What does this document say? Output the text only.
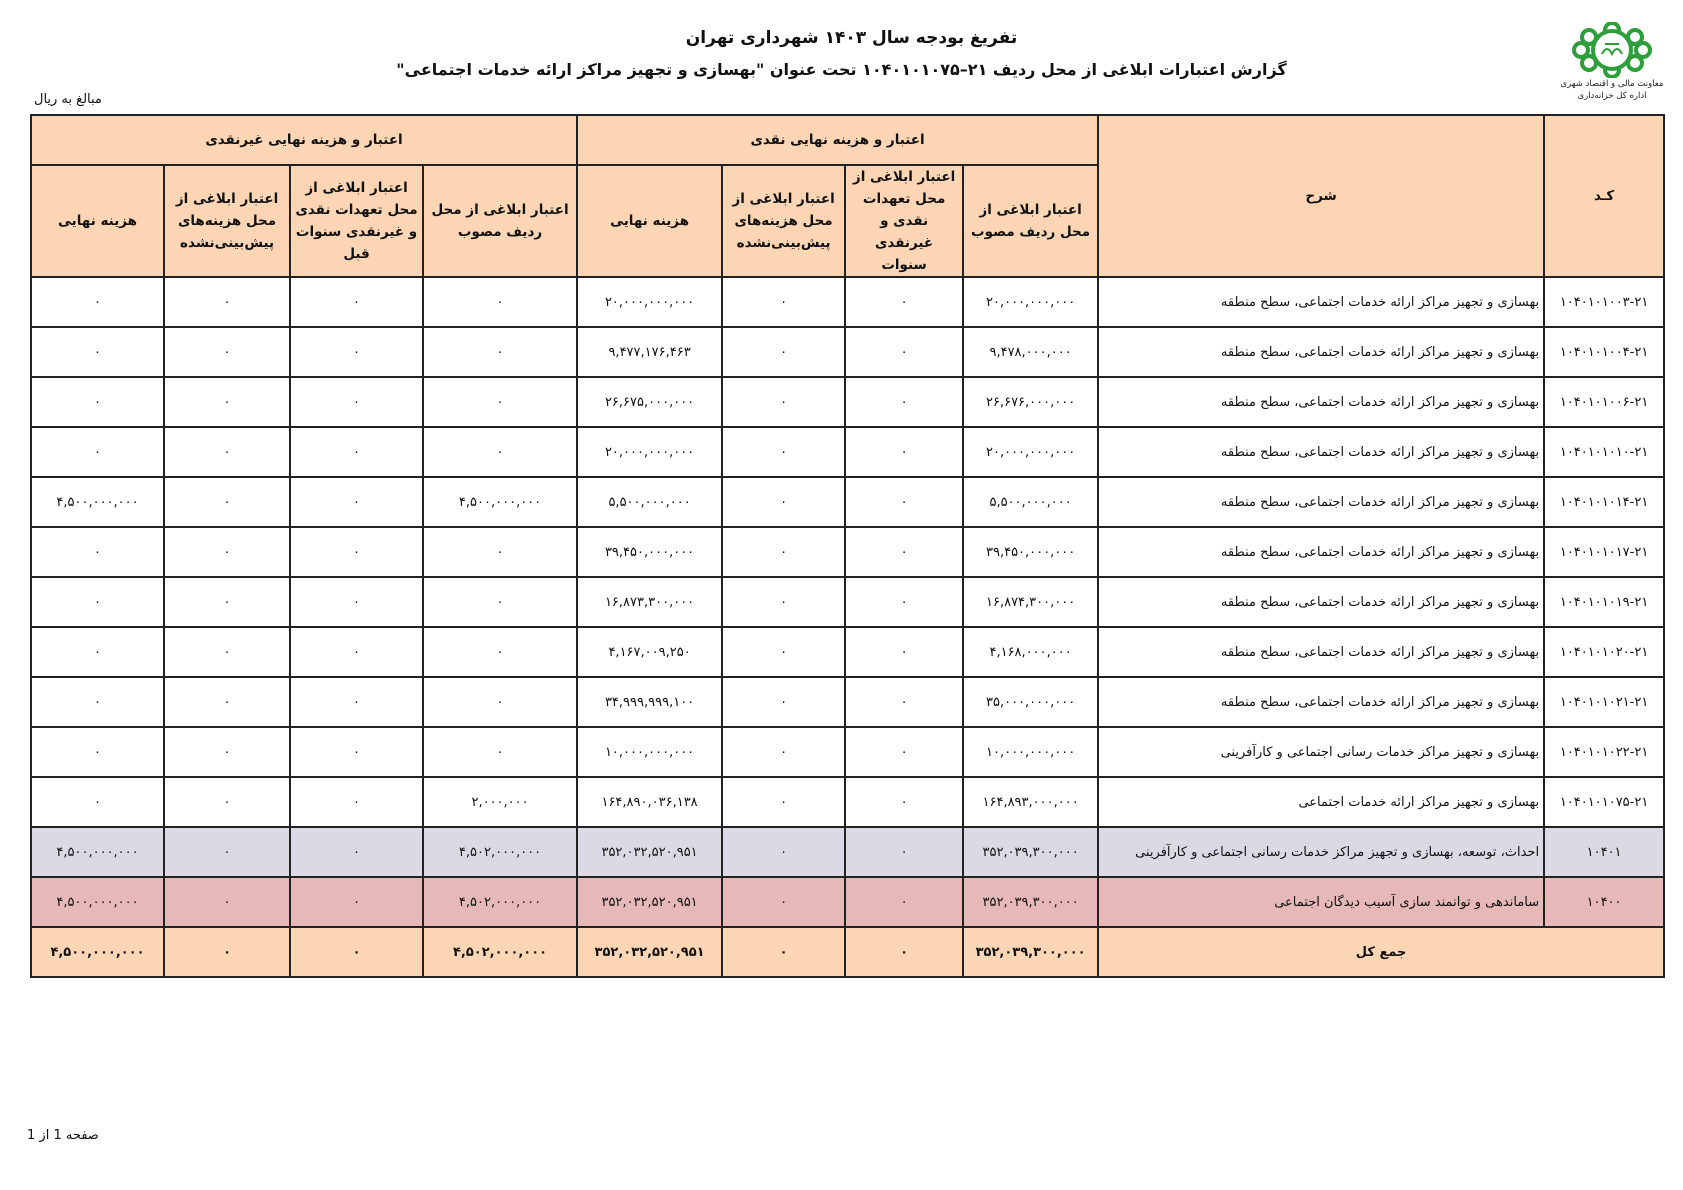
تفریغ بودجه سال ۱۴۰۳ شهرداری تهران
گزارش اعتبارات ابلاغی از محل ردیف ۲۱–۱۰۴۰۱۰۱۰۷۵ تحت عنوان "بهسازی و تجهیز مراکز ارائه خدمات اجتماعی"
مبالغ به ریال
معاونت مالی و اقتصاد شهری
اداره کل خزانه‌داری
کـد	شرح	اعتبار و هزینه نهایی نقدی				اعتبار و هزینه نهایی غیرنقدی			
		اعتبار ابلاغی از محل ردیف مصوب	اعتبار ابلاغی از محل تعهدات نقدی و غیرنقدی سنوات	اعتبار ابلاغی از محل هزینه‌های پیش‌بینی‌نشده	هزینه نهایی	اعتبار ابلاغی از محل ردیف مصوب	اعتبار ابلاغی از محل تعهدات نقدی و غیرنقدی سنوات قبل	اعتبار ابلاغی از محل هزینه‌های پیش‌بینی‌نشده	هزینه نهایی
۱۰۴۰۱۰۱۰۰۳-۲۱	بهسازی و تجهیز مراکز ارائه خدمات اجتماعی، سطح منطقه	۲۰,۰۰۰,۰۰۰,۰۰۰	۰	۰	۲۰,۰۰۰,۰۰۰,۰۰۰	۰	۰	۰	۰
۱۰۴۰۱۰۱۰۰۴-۲۱	بهسازی و تجهیز مراکز ارائه خدمات اجتماعی، سطح منطقه	۹,۴۷۸,۰۰۰,۰۰۰	۰	۰	۹,۴۷۷,۱۷۶,۴۶۳	۰	۰	۰	۰
۱۰۴۰۱۰۱۰۰۶-۲۱	بهسازی و تجهیز مراکز ارائه خدمات اجتماعی، سطح منطقه	۲۶,۶۷۶,۰۰۰,۰۰۰	۰	۰	۲۶,۶۷۵,۰۰۰,۰۰۰	۰	۰	۰	۰
۱۰۴۰۱۰۱۰۱۰-۲۱	بهسازی و تجهیز مراکز ارائه خدمات اجتماعی، سطح منطقه	۲۰,۰۰۰,۰۰۰,۰۰۰	۰	۰	۲۰,۰۰۰,۰۰۰,۰۰۰	۰	۰	۰	۰
۱۰۴۰۱۰۱۰۱۴-۲۱	بهسازی و تجهیز مراکز ارائه خدمات اجتماعی، سطح منطقه	۵,۵۰۰,۰۰۰,۰۰۰	۰	۰	۵,۵۰۰,۰۰۰,۰۰۰	۴,۵۰۰,۰۰۰,۰۰۰	۰	۰	۴,۵۰۰,۰۰۰,۰۰۰
۱۰۴۰۱۰۱۰۱۷-۲۱	بهسازی و تجهیز مراکز ارائه خدمات اجتماعی، سطح منطقه	۳۹,۴۵۰,۰۰۰,۰۰۰	۰	۰	۳۹,۴۵۰,۰۰۰,۰۰۰	۰	۰	۰	۰
۱۰۴۰۱۰۱۰۱۹-۲۱	بهسازی و تجهیز مراکز ارائه خدمات اجتماعی، سطح منطقه	۱۶,۸۷۴,۳۰۰,۰۰۰	۰	۰	۱۶,۸۷۳,۳۰۰,۰۰۰	۰	۰	۰	۰
۱۰۴۰۱۰۱۰۲۰-۲۱	بهسازی و تجهیز مراکز ارائه خدمات اجتماعی، سطح منطقه	۴,۱۶۸,۰۰۰,۰۰۰	۰	۰	۴,۱۶۷,۰۰۹,۲۵۰	۰	۰	۰	۰
۱۰۴۰۱۰۱۰۲۱-۲۱	بهسازی و تجهیز مراکز ارائه خدمات اجتماعی، سطح منطقه	۳۵,۰۰۰,۰۰۰,۰۰۰	۰	۰	۳۴,۹۹۹,۹۹۹,۱۰۰	۰	۰	۰	۰
۱۰۴۰۱۰۱۰۲۲-۲۱	بهسازی و تجهیز مراکز خدمات رسانی اجتماعی و کارآفرینی	۱۰,۰۰۰,۰۰۰,۰۰۰	۰	۰	۱۰,۰۰۰,۰۰۰,۰۰۰	۰	۰	۰	۰
۱۰۴۰۱۰۱۰۷۵-۲۱	بهسازی و تجهیز مراکز ارائه خدمات اجتماعی	۱۶۴,۸۹۳,۰۰۰,۰۰۰	۰	۰	۱۶۴,۸۹۰,۰۳۶,۱۳۸	۲,۰۰۰,۰۰۰	۰	۰	۰
۱۰۴۰۱	احداث، توسعه، بهسازی و تجهیز مراکز خدمات رسانی اجتماعی و کارآفرینی	۳۵۲,۰۳۹,۳۰۰,۰۰۰	۰	۰	۳۵۲,۰۳۲,۵۲۰,۹۵۱	۴,۵۰۲,۰۰۰,۰۰۰	۰	۰	۴,۵۰۰,۰۰۰,۰۰۰
۱۰۴۰۰	ساماندهی و توانمند سازی آسیب دیدگان اجتماعی	۳۵۲,۰۳۹,۳۰۰,۰۰۰	۰	۰	۳۵۲,۰۳۲,۵۲۰,۹۵۱	۴,۵۰۲,۰۰۰,۰۰۰	۰	۰	۴,۵۰۰,۰۰۰,۰۰۰
جمع کل		۳۵۲,۰۳۹,۳۰۰,۰۰۰	۰	۰	۳۵۲,۰۳۲,۵۲۰,۹۵۱	۴,۵۰۲,۰۰۰,۰۰۰	۰	۰	۴,۵۰۰,۰۰۰,۰۰۰
صفحه 1 از 1
